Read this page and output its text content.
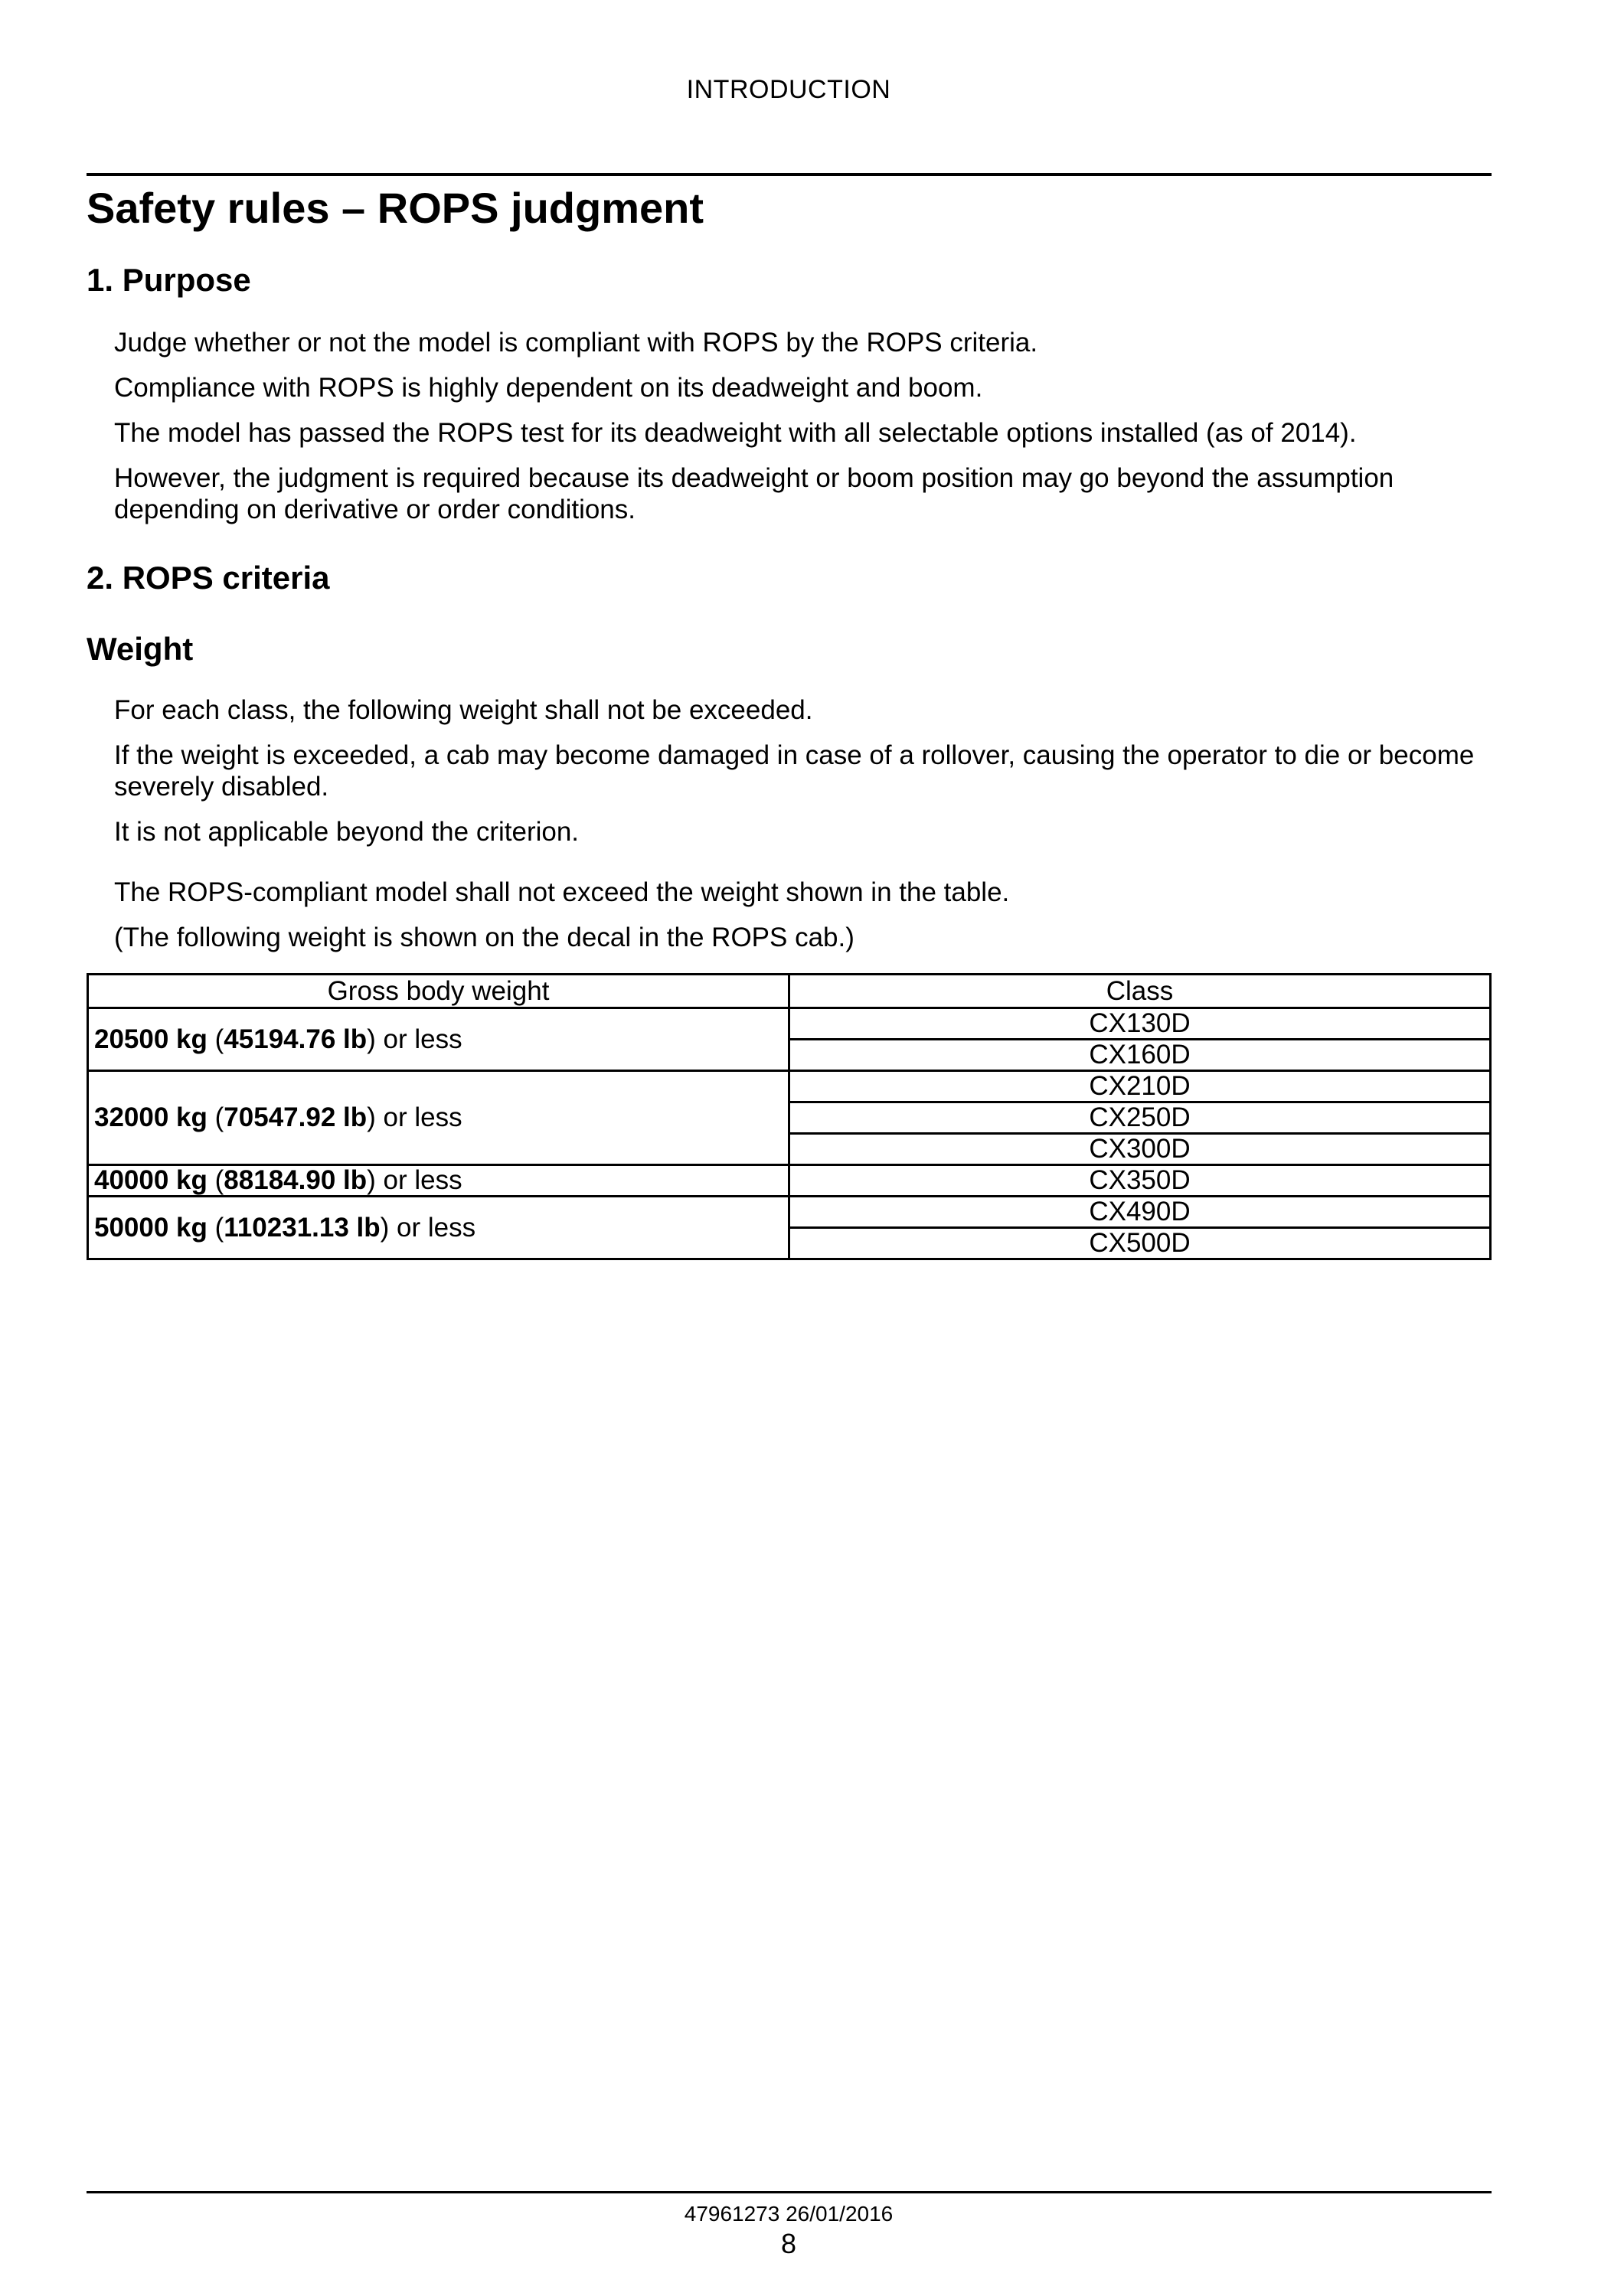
INTRODUCTION
Safety rules – ROPS judgment
1. Purpose

Judge whether or not the model is compliant with ROPS by the ROPS criteria.

Compliance with ROPS is highly dependent on its deadweight and boom.

The model has passed the ROPS test for its deadweight with all selectable options installed (as of 2014).

However, the judgment is required because its deadweight or boom position may go beyond the assumption depending on derivative or order conditions.

2. ROPS criteria
Weight

For each class, the following weight shall not be exceeded.

If the weight is exceeded, a cab may become damaged in case of a rollover, causing the operator to die or become severely disabled.

It is not applicable beyond the criterion.

The ROPS-compliant model shall not exceed the weight shown in the table.

(The following weight is shown on the decal in the ROPS cab.)

Gross body weight	Class
20500 kg (45194.76 lb) or less	CX130D
	CX160D
32000 kg (70547.92 lb) or less	CX210D
	CX250D
	CX300D
40000 kg (88184.90 lb) or less	CX350D
50000 kg (110231.13 lb) or less	CX490D
	CX500D
47961273 26/01/2016
8
